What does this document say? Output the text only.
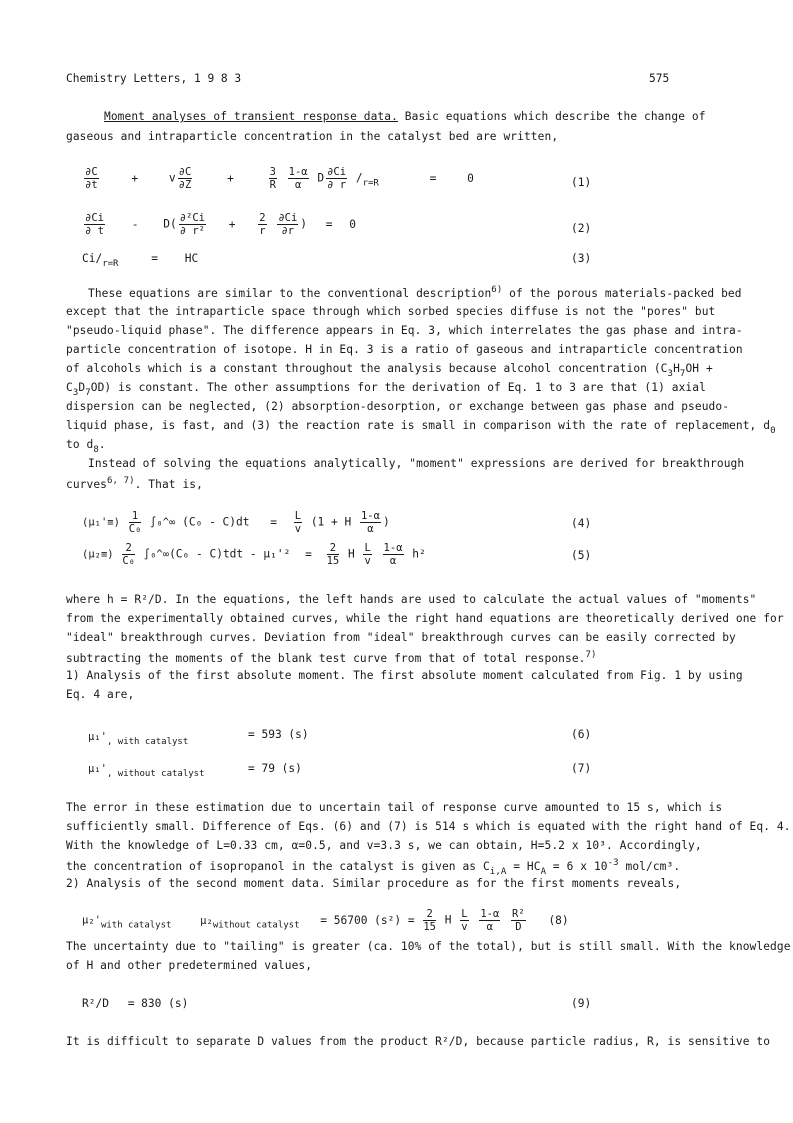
Chemistry Letters, 1 9 8 3	575
Moment analyses of transient response data. Basic equations which describe the change of
gaseous and intraparticle concentration in the catalyst bed are written,
$\frac{\partial C}{\partial t}$	+	v $\frac{\partial C}{\partial Z}$	+	$\frac{3}{R}$
$\frac{1-\alpha}{\alpha}$ D $\frac{\partial Ci}{\partial r} /_{r=R}$	=	0	(1)
$\frac{\partial Ci}{\partial t} - D( \frac{\text{∂²Ci}}{\text{∂ r²}} + \frac{2}{r}$
$\frac{\partial Ci}{\partial r}$ ) = 0	(2)
$Ci/_{r=R}$	= HC	(3)
These equations are similar to the conventional description$^{6)}$ of the porous materials-packed bed
except that the intraparticle space through which sorbed species diffuse is not the "pores" but
"pseudo-liquid phase". The difference appears in Eq. 3, which interrelates the gas phase and intra-
particle concentration of isotope. H in Eq. 3 is a ratio of gaseous and intraparticle concentration
of alcohols which is a constant throughout the analysis because alcohol concentration ($C_3H_7OH$ +
$C_3D_7OD$) is constant. The other assumptions for the derivation of Eq. 1 to 3 are that (1) axial
dispersion can be neglected, (2) absorption-desorption, or exchange between gas phase and pseudo-
liquid phase, is fast, and (3) the reaction rate is small in comparison with the rate of replacement, $d_0$
to $d_8$.
Instead of solving the equations analytically, "moment" expressions are derived for breakthrough
curves$^{6, 7)}$. That is,
$(\mu_1'\equiv) \frac{1}{\text{C₀}}$ ∫₀^∞ $(C_0 - C)dt = \frac{L}{v} (1 + H \frac{1-\alpha}{\alpha}$ )	(4)
$(\mu_2\equiv) \frac{2}{\text{C₀}}$ ∫₀^∞(C₀ - $C)tdt - \mu_1'^2 = \frac{2}{15}$ H $\frac{L}{v}$
$\frac{1-\alpha}{\alpha} h^2$	(5)
where h = R²/D. In the equations, the left hands are used to calculate the actual values of "moments"
from the experimentally obtained curves, while the right hand equations are theoretically derived one for
"ideal" breakthrough curves. Deviation from "ideal" breakthrough curves can be easily corrected by
subtracting the moments of the blank test curve from that of total response.$^{7)}$
1) Analysis of the first absolute moment. The first absolute moment calculated from Fig. 1 by using
Eq. 4 are,
$\mu_1'_{, with catalyst}$
= 593 (s)	(6)
$\mu_1'_{, without catalyst}$	= 79 (s)	(7)
The error in these estimation due to uncertain tail of response curve amounted to 15 s, which is
sufficiently small. Difference of Eqs. (6) and (7) is 514 s which is equated with the right hand of Eq. 4.
With the knowledge of L=0.33 cm, α=0.5, and v=3.3 s, we can obtain, H=5.2 x 10³. Accordingly,
the concentration of isopropanol in the catalyst is given as $C_{i,A} = HC_A = 6$ x $10^{-3}$ mol/cm³.
2) Analysis of the second moment data. Similar procedure as for the first moments reveals,
$\mu_2'_{with catalyst}$	$\mu_2_{without catalyst} = 56700$ $(s^2) = \frac{2}{15}$ H $\frac{L}{v}$
$\frac{1-\alpha}{\alpha}$
$\frac{\text{R²}}{D} (8)$
The uncertainty due to "tailing" is greater (ca. 10% of the total), but is still small. With the knowledge
of H and other predetermined values,
R²/D = 830 (s)	(9)
It is difficult to separate D values from the product R²/D, because particle radius, R, is sensitive to
